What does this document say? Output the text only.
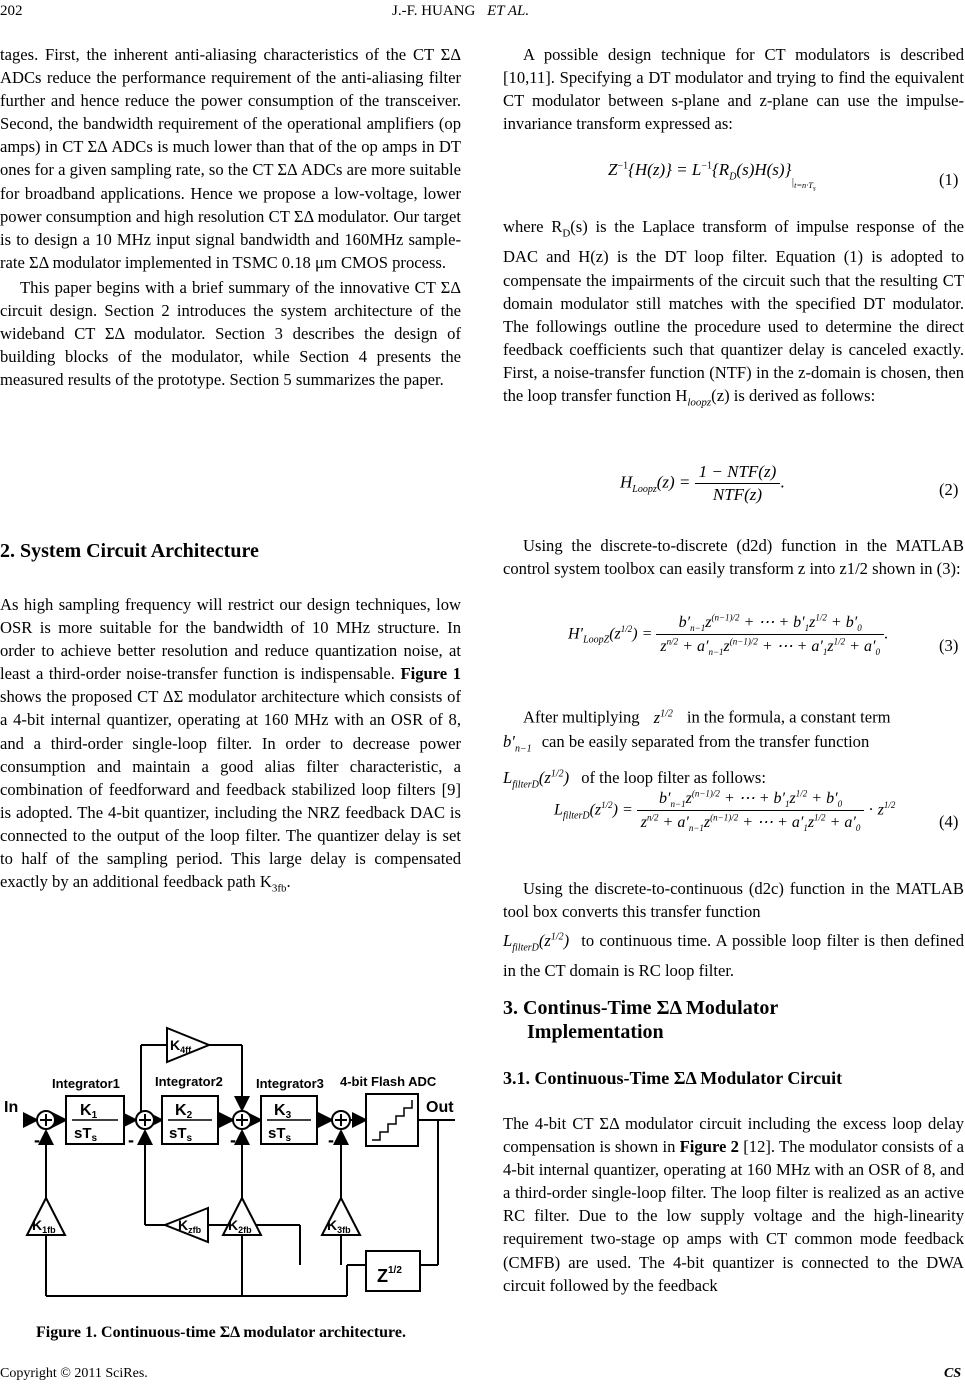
202	J.-F. HUANG ET AL.

tages. First, the inherent anti-aliasing characteristics of the CT ΣΔ ADCs reduce the performance requirement of the anti-aliasing filter further and hence reduce the power consumption of the transceiver. Second, the bandwidth requirement of the operational amplifiers (op amps) in CT ΣΔ ADCs is much lower than that of the op amps in DT ones for a given sampling rate, so the CT ΣΔ ADCs are more suitable for broadband applications. Hence we propose a low-voltage, lower power consumption and high resolution CT ΣΔ modulator. Our target is to design a 10 MHz input signal bandwidth and 160MHz sample-rate ΣΔ modulator implemented in TSMC 0.18 μm CMOS process.

This paper begins with a brief summary of the innovative CT ΣΔ circuit design. Section 2 introduces the system architecture of the wideband CT ΣΔ modulator. Section 3 describes the design of building blocks of the modulator, while Section 4 presents the measured results of the prototype. Section 5 summarizes the paper.

2. System Circuit Architecture

As high sampling frequency will restrict our design techniques, low OSR is more suitable for the bandwidth of 10 MHz structure. In order to achieve better resolution and reduce quantization noise, at least a third-order noise-transfer function is indispensable. Figure 1 shows the proposed CT ΔΣ modulator architecture which consists of a 4-bit internal quantizer, operating at 160 MHz with an OSR of 8, and a third-order single-loop filter. In order to decrease power consumption and maintain a good alias filter characteristic, a combination of feedforward and feedback stabilized loop filters [9] is adopted. The 4-bit quantizer, including the NRZ feedback DAC is connected to the output of the loop filter. The quantizer delay is set to half of the sampling period. This large delay is compensated exactly by an additional feedback path $K_{3fb}$.

In	Out
Integrator1	Integrator2	Integrator3 4-bit Flash ADC
K1
$sT_s$
K2
$sT_s$
K3
$sT_s$
$K_{4ff}$
$K_{1fb}$	$K_{2fb}$	$K_{3fb}$
$K_{zfb}$
$Z^{1/2}$
-	-	-	-
Figure 1. Continuous-time ΣΔ modulator architecture.

A possible design technique for CT modulators is described [10,11]. Specifying a DT modulator and trying to find the equivalent CT modulator between s-plane and z-plane can use the impulse-invariance transform expressed as:

$Z^{-1}\{H(z)\} = L^{-1}\{R_D(s)H(s)\}_{|_{t=n\cdot T_s}}$	(1)

where $R_D(s)$ is the Laplace transform of impulse response of the DAC and H(z) is the DT loop filter. Equation (1) is adopted to compensate the impairments of the circuit such that the resulting CT domain modulator still matches with the specified DT modulator. The followings outline the procedure used to determine the direct feedback coefficients such that quantizer delay is canceled exactly. First, a noise-transfer function (NTF) in the z-domain is chosen, then the loop transfer function $H_{loopz}(z)$ is derived as follows:

$H_{Loopz}(z) = \frac{\text{1 − NTF(z)}}{\text{NTF(z)}}$ .	(2)

Using the discrete-to-discrete (d2d) function in the MATLAB control system toolbox can easily transform z into z1/2 shown in (3):

$H'_{LoopZ}(z^{1/2}) = \frac{b'_{n-1}z^{(n-1)/2} + \cdots + b'_1z^{1/2} + b'_0}{z^{n/2} + a'_{n-1}z^{(n-1)/2} + \cdots + a'_1z^{1/2} + a'_0}$ .
(3)

After multiplying $z^{1/2}$ in the formula, a constant term

$b'_{n-1}$ can be easily separated from the transfer function

$L_{filterD}(z^{1/2})$ of the loop filter as follows:

$L_{filterD}(z^{1/2}) = \frac{b'_{n-1}z^{(n-1)/2} + \cdots + b'_1z^{1/2} + b'_0}{z^{n/2} + a'_{n-1}z^{(n-1)/2} + \cdots + a'_1z^{1/2} + a'_0} \cdot z^{1/2}$
(4)

Using the discrete-to-continuous (d2c) function in the MATLAB tool box converts this transfer function

$L_{filterD}(z^{1/2})$ to continuous time. A possible loop filter is then defined in the CT domain is RC loop filter.

3. Continus-Time ΣΔ Modulator
Implementation
3.1. Continuous-Time ΣΔ Modulator Circuit

The 4-bit CT ΣΔ modulator circuit including the excess loop delay compensation is shown in Figure 2 [12]. The modulator consists of a 4-bit internal quantizer, operating at 160 MHz with an OSR of 8, and a third-order single-loop filter. The loop filter is realized as an active RC filter. Due to the low supply voltage and the high-linearity requirement two-stage op amps with CT common mode feedback (CMFB) are used. The 4-bit quantizer is connected to the DWA circuit followed by the feedback

Copyright © 2011 SciRes.	CS
